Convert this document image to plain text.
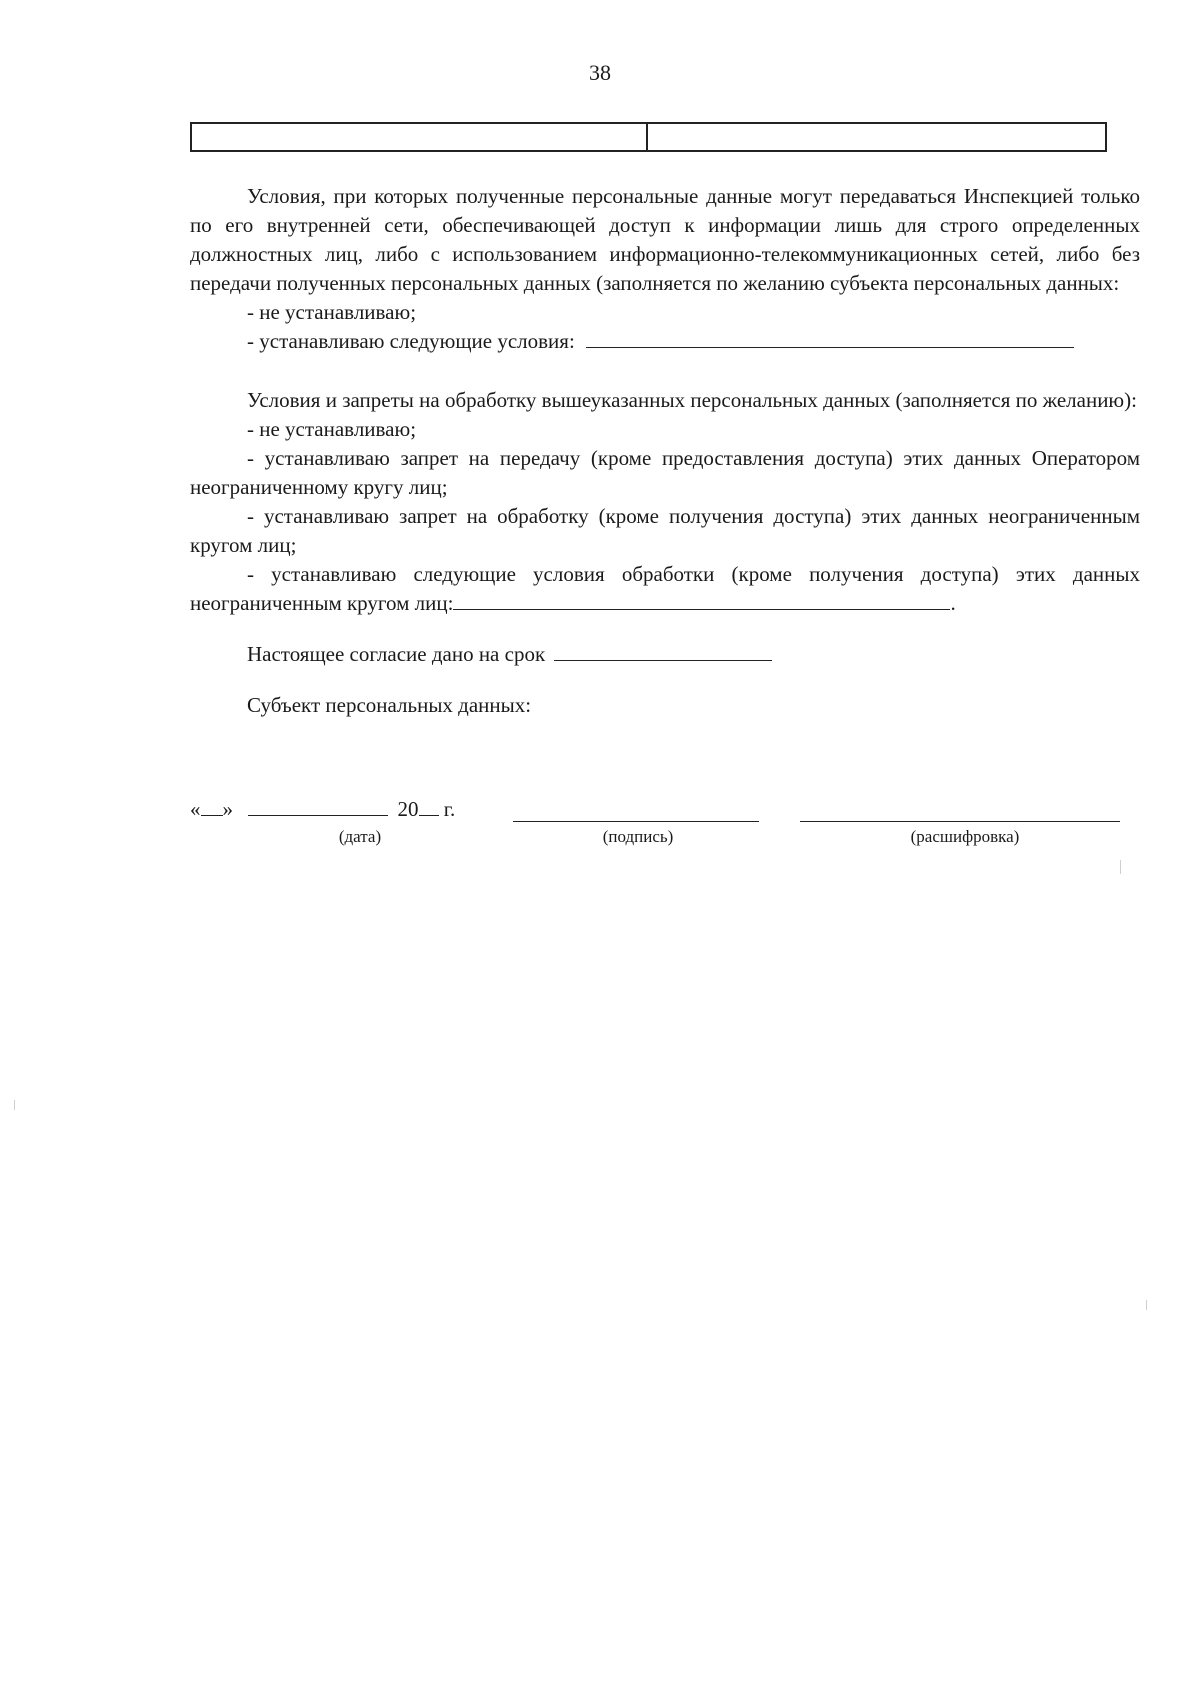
38

Условия, при которых полученные персональные данные могут передаваться Инспекцией только по его внутренней сети, обеспечивающей доступ к информации лишь для строго определенных должностных лиц, либо с использованием информационно-телекоммуникационных сетей, либо без передачи полученных персональных данных (заполняется по желанию субъекта персональных данных:

- не устанавливаю;

- устанавливаю следующие условия:

Условия и запреты на обработку вышеуказанных персональных данных (заполняется по желанию):

- не устанавливаю;

- устанавливаю запрет на передачу (кроме предоставления доступа) этих данных Оператором неограниченному кругу лиц;

- устанавливаю запрет на обработку (кроме получения доступа) этих данных неограниченным кругом лиц;

- устанавливаю следующие условия обработки (кроме получения доступа) этих данных неограниченным кругом лиц:	.

Настоящее согласие дано на срок

Субъект персональных данных:

« »	20 г.
(дата)	(подпись)	(расшифровка)
